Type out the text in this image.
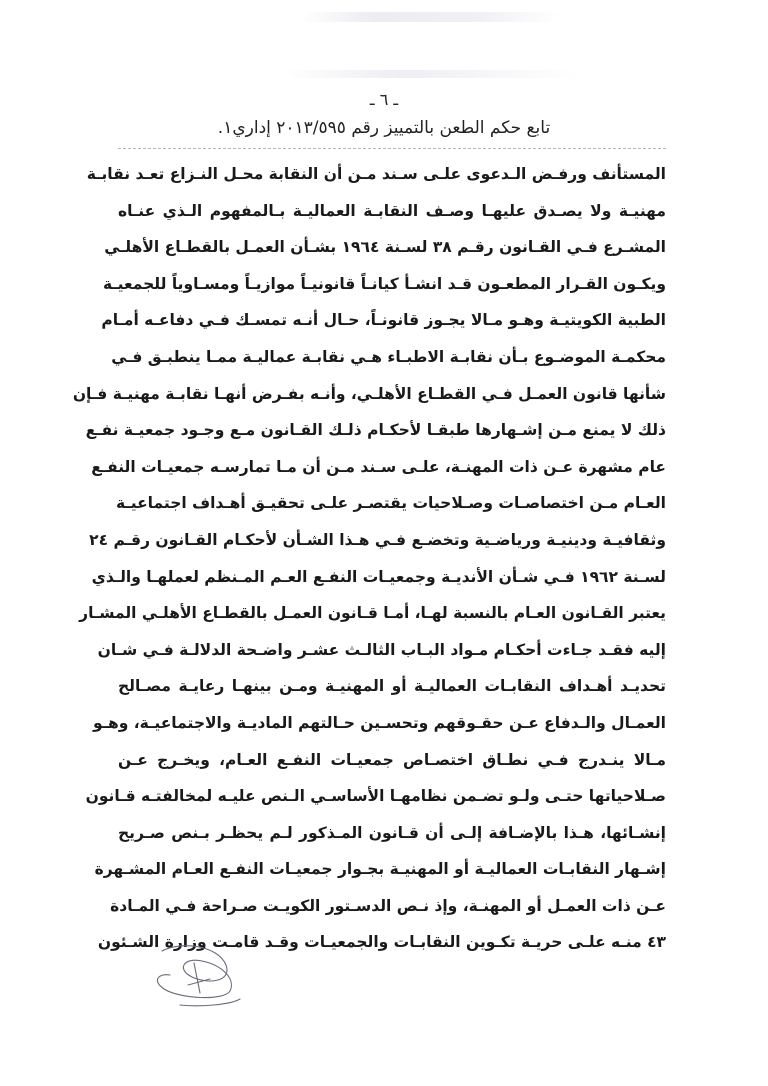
ـ ٦ ـ
تابع حكم الطعن بالتمييز رقم ٢٠١٣/٥٩٥ إداري١.
المستأنف ورفـض الـدعوى علـى سـند مـن أن النقابة محـل النـزاع تعـد نقابـة
مهنيـة ولا يصـدق عليهـا وصـف النقابـة العماليـة بـالمفهوم الـذي عنـاه
المشـرع فـي القـانون رقـم ٣٨ لسـنة ١٩٦٤ بشـأن العمـل بالقطـاع الأهلـي
ويكـون القـرار المطعـون قـد انشـأ كيانـاً قانونيـاً موازيـاً ومسـاوياً للجمعيـة
الطبية الكويتيـة وهـو مـالا يجـوز قانونـاً، حـال أنـه تمسـك فـي دفاعـه أمـام
محكمـة الموضـوع بـأن نقابـة الاطبـاء هـي نقابـة عماليـة ممـا ينطبـق فـي
شأنها قانون العمـل فـي القطـاع الأهلـي، وأنـه بفـرض أنهـا نقابـة مهنيـة فـإن
ذلك لا يمنع مـن إشـهارها طبقـا لأحكـام ذلـك القـانون مـع وجـود جمعيـة نفـع
عام مشهرة عـن ذات المهنـة، علـى سـند مـن أن مـا تمارسـه جمعيـات النفـع
العـام مـن اختصاصـات وصـلاحيات يقتصـر علـى تحقيـق أهـداف اجتماعيـة
وثقافيـة ودينيـة ورياضـية وتخضـع فـي هـذا الشـأن لأحكـام القـانون رقـم ٢٤
لسـنة ١٩٦٢ فـي شـأن الأنديـة وجمعيـات النفـع العـم المـنظم لعملهـا والـذي
يعتبر القـانون العـام بالنسبة لهـا، أمـا قـانون العمـل بالقطـاع الأهلـي المشـار
إليه فقـد جـاءت أحكـام مـواد البـاب الثالـث عشـر واضـحة الدلالـة فـي شـان
تحديـد أهـداف النقابـات العماليـة أو المهنيـة ومـن بينهـا رعايـة مصـالح
العمـال والـدفاع عـن حقـوقهم وتحسـين حـالتهم الماديـة والاجتماعيـة، وهـو
مـالا ينـدرج فـي نطـاق اختصـاص جمعيـات النفـع العـام، ويخـرج عـن
صـلاحياتها حتـى ولـو تضـمن نظامهـا الأساسـي الـنص عليـه لمخالفتـه قـانون
إنشـائها، هـذا بالإضـافة إلـى أن قـانون المـذكور لـم يحظـر بـنص صـريح
إشـهار النقابـات العماليـة أو المهنيـة بجـوار جمعيـات النفـع العـام المشـهرة
عـن ذات العمـل أو المهنـة، وإذ نـص الدسـتور الكويـت صـراحة فـي المـادة
٤٣ منـه علـى حريـة تكـوين النقابـات والجمعيـات وقـد قامـت وزارة الشـئون
